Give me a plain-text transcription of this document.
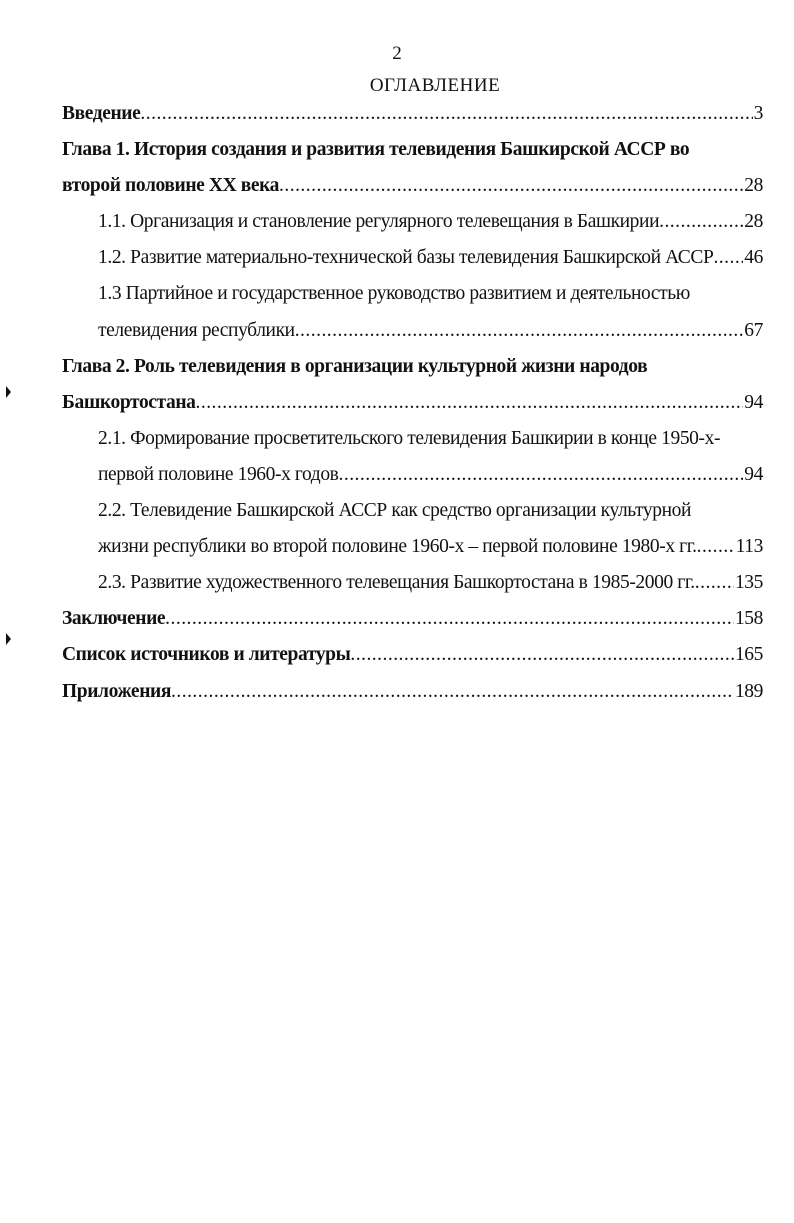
2
ОГЛАВЛЕНИЕ
Введение . . .	3
Глава 1. История создания и развития телевидения Башкирской АССР во
второй половине XX века . . .	28
1.1. Организация и становление регулярного телевещания в Башкирии . . .	28
1.2. Развитие материально-технической базы телевидения Башкирской АССР . . . 46
1.3 Партийное и государственное руководство развитием и деятельностью
телевидения республики . . .	67
Глава 2. Роль телевидения в организации культурной жизни народов
Башкортостана . . .	94
2.1. Формирование просветительского телевидения Башкирии в конце 1950-х-
первой половине 1960-х годов . . .	94
2.2. Телевидение Башкирской АССР как средство организации культурной
жизни республики во второй половине 1960-х – первой половине 1980-х гг. . . . 113
2.3. Развитие художественного телевещания Башкортостана в 1985-2000 гг. . . . 135
Заключение . . .	158
Список источников и литературы . . .	165
Приложения . . .	189
